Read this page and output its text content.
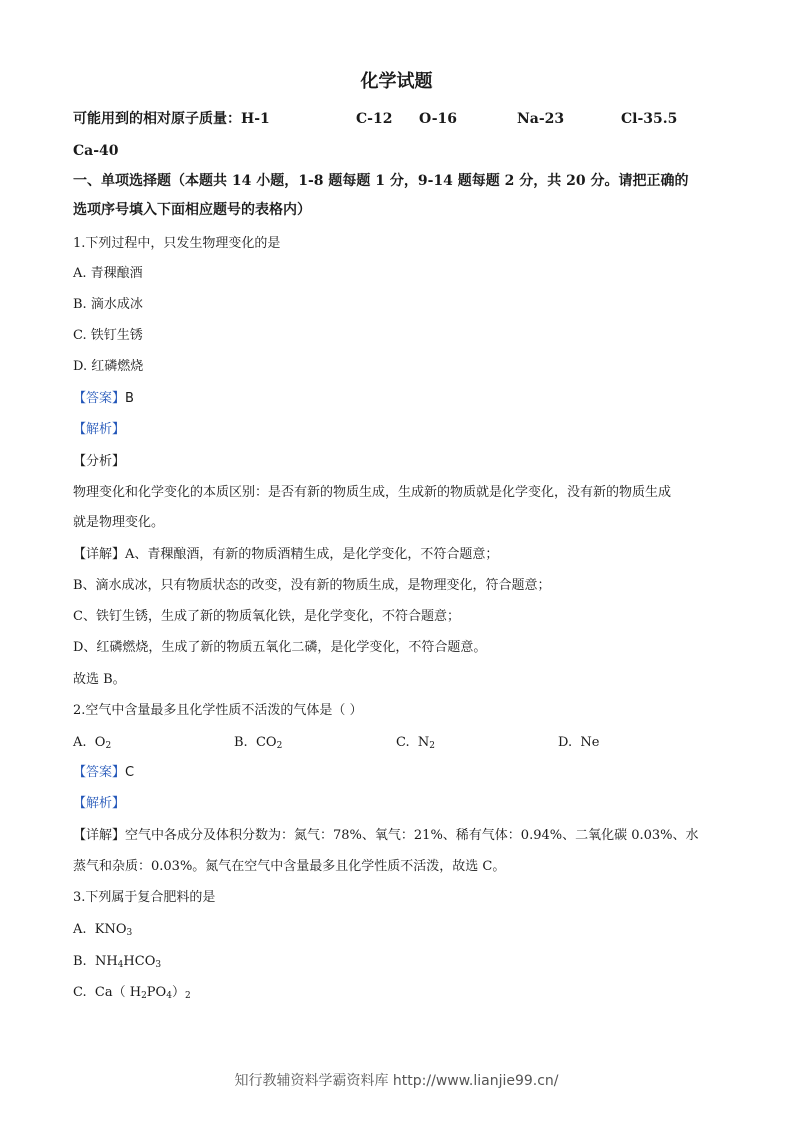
化学试题
可能用到的相对原子质量：H-1	C-12 O-16	Na-23	Cl-35.5
Ca-40
一、单项选择题（本题共 14 小题，1-8 题每题 1 分，9-14 题每题 2 分，共 20 分。请把正确的
选项序号填入下面相应题号的表格内）
1.下列过程中，只发生物理变化的是
A. 青稞酿酒
B. 滴水成冰
C. 铁钉生锈
D. 红磷燃烧
【答案】B
【解析】
【分析】
物理变化和化学变化的本质区别：是否有新的物质生成，生成新的物质就是化学变化，没有新的物质生成
就是物理变化。
【详解】A、青稞酿酒，有新的物质酒精生成，是化学变化，不符合题意；
B、滴水成冰，只有物质状态的改变，没有新的物质生成，是物理变化，符合题意；
C、铁钉生锈，生成了新的物质氧化铁，是化学变化，不符合题意；
D、红磷燃烧，生成了新的物质五氧化二磷，是化学变化，不符合题意。
故选 B。
2.空气中含量最多且化学性质不活泼的气体是（ ）
A. $O_2$	B. $CO_2$	C. $N_2$	D. Ne
【答案】C
【解析】
【详解】空气中各成分及体积分数为：氮气：78%、氧气：21%、稀有气体：0.94%、二氧化碳 0.03%、水
蒸气和杂质：0.03%。氮气在空气中含量最多且化学性质不活泼，故选 C。
3.下列属于复合肥料的是
A. $KNO_3$
B. $NH_4HCO_3$
C. Ca（ $H_2PO_4)_2$
知行教辅资料学霸资料库 http://www.lianjie99.cn/
